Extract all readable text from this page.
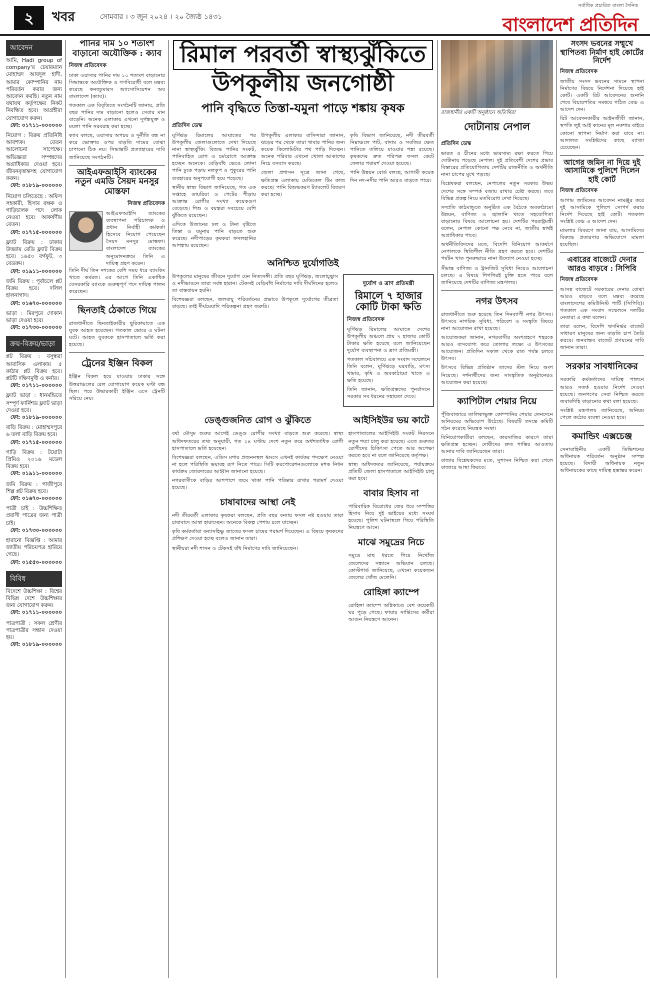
২	খবর	সোমবার । ৩ জুন ২০২৪ । ২০ জ্যৈষ্ঠ ১৪৩১
সর্বাধিক প্রচারিত বাংলা দৈনিক
বাংলাদেশ প্রতিদিন
আবেদন

আমি, Hadi group of company'র চেয়ারম্যান মোহাম্মদ আবদুল হাদী, আমার কোম্পানির নাম পরিবর্তন করার জন্য আবেদন করছি। নতুন নাম যথাযথ কর্তৃপক্ষের নিকট নিবন্ধিত হবে। আগ্রহীরা যোগাযোগ করুন।
ফো: ০১৭১১-০০০০০০

নিয়োগ : বিক্রয় প্রতিনিধি আবশ্যক। বেতন আলোচনা সাপেক্ষে। অভিজ্ঞতা সম্পন্নদের অগ্রাধিকার দেওয়া হবে। জীবনবৃত্তান্তসহ যোগাযোগ করুন।
ফো: ০১৮১৯-০০০০০০

নিয়োগ চলিতেছে : অফিস সহকারী, হিসাব রক্ষক ও গাড়িচালক পদে লোক নেওয়া হবে। আকর্ষণীয় বেতন।
ফো: ০১৭১৫-০০০০০০

ফ্ল্যাট বিক্রয় : ঢাকার উত্তরায় রেডি ফ্ল্যাট বিক্রয় হবে। ১৬৫০ বর্গফুট, ৩ বেডরুম।
ফো: ০১৯১১-০০০০০০

জমি বিক্রয় : পূর্বাচলে প্লট বিক্রয় হবে। দলিল হালনাগাদ।
ফো: ০১৬৭০-০০০০০০

ভাড়া : মিরপুরে দোকান ভাড়া দেওয়া হবে।
ফো: ০১৭৩০-০০০০০০

ক্রয়-বিক্রয়/ভাড়া

প্লট বিক্রয় : বসুন্ধরা আবাসিক এলাকায় ৫ কাঠার প্লট বিক্রয় হবে। প্লটটি দক্ষিণমুখী ও কর্নার।
ফো: ০১৭১১-০০০০০০

ফ্ল্যাট ভাড়া : ধানমন্ডিতে সম্পূর্ণ ফার্নিশড ফ্ল্যাট ভাড়া দেওয়া হবে।
ফো: ০১৮১৯-০০০০০০

বাড়ি বিক্রয় : মোহাম্মদপুরে ৬ তলা বাড়ি বিক্রয় হবে।
ফো: ০১৭১৫-০০০০০০

গাড়ি বিক্রয় : টয়োটা প্রিমিও ২০১৬ মডেল বিক্রয় হবে।
ফো: ০১৯১১-০০০০০০

জমি বিক্রয় : গাজীপুরে শিল্প প্লট বিক্রয় হবে।
ফো: ০১৬৭০-০০০০০০

পাত্রী চাই : উচ্চশিক্ষিত প্রবাসী পাত্রের জন্য পাত্রী চাই।
ফো: ০১৭৩০-০০০০০০

হারানো বিজ্ঞপ্তি : আমার জাতীয় পরিচয়পত্র হারিয়ে গেছে।
ফো: ০১৫৫০-০০০০০০

বিবিধ

বিদেশে উচ্চশিক্ষা : বিশ্বের বিভিন্ন দেশে উচ্চশিক্ষার জন্য যোগাযোগ করুন।
ফো: ০১৭১১-০০০০০০

পাত্রপাত্রী : সকল শ্রেণীর পাত্রপাত্রীর সন্ধান দেওয়া হয়।
ফো: ০১৮১৯-০০০০০০

পানির দাম ১০ শতাংশ বাড়ানো অযৌক্তিক : ক্যাব
নিজস্ব প্রতিবেদক

ঢাকা ওয়াসার পানির দাম ১০ শতাংশ বাড়ানোর সিদ্ধান্তকে অযৌক্তিক ও গণবিরোধী বলে মন্তব্য করেছে কনজ্যুমারস অ্যাসোসিয়েশন অব বাংলাদেশ (ক্যাব)।

গতকাল এক বিবৃতিতে সংগঠনটি জানায়, প্রতি বছর পানির দাম বাড়ানো হলেও সেবার মান বাড়েনি। অনেক এলাকায় এখনো দুর্গন্ধযুক্ত ও ময়লা পানি সরবরাহ করা হচ্ছে।

ক্যাব বলছে, ওয়াসার অপচয় ও দুর্নীতি বন্ধ না করে ভোক্তার ওপর বাড়তি দামের বোঝা চাপানো ঠিক নয়। সিদ্ধান্তটি প্রত্যাহারের দাবি জানিয়েছে সংগঠনটি।

আইএফআইসি ব্যাংকের নতুন এমডি সৈয়দ মনসুর মোস্তফা
নিজস্ব প্রতিবেদক
আইএফআইসি ব্যাংকের ব্যবস্থাপনা পরিচালক ও প্রধান নির্বাহী কর্মকর্তা হিসেবে নিয়োগ পেয়েছেন সৈয়দ মনসুর মোস্তফা। বাংলাদেশ ব্যাংকের অনুমোদনক্রমে তিনি এ দায়িত্ব গ্রহণ করেন।
তিনি দীর্ঘ তিন দশকের বেশি সময় ধরে ব্যাংকিং খাতে কর্মরত। এর আগে তিনি একাধিক বেসরকারি ব্যাংকে গুরুত্বপূর্ণ পদে দায়িত্ব পালন করেছেন।
ছিনতাই ঠেকাতে গিয়ে
রাজধানীতে ছিনতাইকারীর ছুরিকাঘাতে এক যুবক আহত হয়েছেন। গতকাল ভোরে এ ঘটনা ঘটে। আহত যুবককে হাসপাতালে ভর্তি করা হয়েছে।
ট্রেনের ইঞ্জিন বিকল
ইঞ্জিন বিকল হয়ে যাওয়ায় ঢাকার সঙ্গে উত্তরাঞ্চলের রেল যোগাযোগ কয়েক ঘণ্টা বন্ধ ছিল। পরে উদ্ধারকারী ইঞ্জিন এসে ট্রেনটি সরিয়ে নেয়।
রিমাল পরবর্তী স্বাস্থ্যঝুঁকিতে
উপকূলীয় জনগোষ্ঠী
পানি বৃদ্ধিতে তিস্তা-যমুনা পাড়ে শঙ্কায় কৃষক
প্রতিদিন ডেস্ক

ঘূর্ণিঝড় রিমালের আঘাতের পর উপকূলীয় জেলাগুলোতে দেখা দিয়েছে নানা স্বাস্থ্যঝুঁকি। বিশুদ্ধ পানির সংকট, পানিবাহিত রোগ ও চর্মরোগে আক্রান্ত হচ্ছেন অনেকে। বেড়িবাঁধ ভেঙে লোনা পানি ঢুকে পড়ায় নলকূপ ও পুকুরের পানি ব্যবহারের অনুপযোগী হয়ে পড়েছে।

স্থানীয় স্বাস্থ্য বিভাগ জানিয়েছে, গত এক সপ্তাহে ডায়রিয়া ও পেটের পীড়ায় আক্রান্ত রোগীর সংখ্যা কয়েকগুণ বেড়েছে। শিশু ও বয়স্করা সবচেয়ে বেশি ঝুঁকিতে রয়েছেন।

এদিকে উজানের ঢল ও টানা বৃষ্টিতে তিস্তা ও যমুনার পানি বাড়তে শুরু করেছে। নদীপাড়ের কৃষকরা ফসলহানির আশঙ্কায় রয়েছেন।

উপকূলীয় এলাকার বাসিন্দারা জানান, ঝড়ের পর থেকে তারা খাবার পানির জন্য কয়েক কিলোমিটার পথ পাড়ি দিচ্ছেন। অনেক পরিবার এখনো খোলা আকাশের নিচে বসবাস করছে।

জেলা প্রশাসন সূত্রে জানা গেছে, ক্ষতিগ্রস্ত এলাকায় মেডিকেল টিম কাজ করছে। পানি বিশুদ্ধকরণ ট্যাবলেট বিতরণ করা হচ্ছে।

কৃষি বিভাগ জানিয়েছে, নদী তীরবর্তী নিম্নাঞ্চলে পাট, বাদাম ও সবজির ক্ষেত পানিতে তলিয়ে যাওয়ার শঙ্কা রয়েছে। কৃষকদের দ্রুত পরিপক্ব ফসল কেটে ফেলার পরামর্শ দেওয়া হয়েছে।

পানি উন্নয়ন বোর্ড বলছে, আগামী কয়েক দিন নদ-নদীর পানি আরও বাড়তে পারে।

অনিশ্চিত দুর্যোগতিই

উপকূলের মানুষের জীবনে দুর্যোগ যেন নিত্যসঙ্গী। প্রতি বছর ঘূর্ণিঝড়, জলোচ্ছ্বাস ও নদীভাঙনে তারা সর্বস্ব হারান। টেকসই বেড়িবাঁধ নির্মাণের দাবি দীর্ঘদিনের হলেও তা বাস্তবায়ন হয়নি।

বিশেষজ্ঞরা বলছেন, জলবায়ু পরিবর্তনের প্রভাবে উপকূলে দুর্যোগের তীব্রতা বাড়ছে। তাই দীর্ঘমেয়াদি পরিকল্পনা গ্রহণ জরুরি।

দুর্যোগ ও ত্রাণ প্রতিমন্ত্রী
রিমালে ৭ হাজার কোটি টাকা ক্ষতি
নিজস্ব প্রতিবেদক

ঘূর্ণিঝড় রিমালের আঘাতে দেশের উপকূলীয় অঞ্চলে প্রায় ৭ হাজার কোটি টাকার ক্ষতি হয়েছে বলে জানিয়েছেন দুর্যোগ ব্যবস্থাপনা ও ত্রাণ প্রতিমন্ত্রী।

গতকাল সচিবালয়ে এক সংবাদ সম্মেলনে তিনি বলেন, ঘূর্ণিঝড়ে ঘরবাড়ি, মৎস্য খামার, কৃষি ও অবকাঠামো খাতে এ ক্ষতি হয়েছে।

তিনি জানান, ক্ষতিগ্রস্তদের পুনর্বাসনে সরকার সব ধরনের সহায়তা দেবে।

ডেঙ্গুজনিত রোগ ও ঝুঁকিতে

বর্ষা মৌসুম শুরুর আগেই ডেঙ্গু রোগীর সংখ্যা বাড়তে শুরু করেছে। স্বাস্থ্য অধিদফতরের তথ্য অনুযায়ী, গত ২৪ ঘণ্টায় দেশে নতুন করে অর্ধশতাধিক রোগী হাসপাতালে ভর্তি হয়েছেন।

বিশেষজ্ঞরা বলছেন, এডিস মশার প্রজননস্থল ধ্বংসে এখনই কার্যকর পদক্ষেপ নেওয়া না হলে পরিস্থিতি ভয়াবহ রূপ নিতে পারে। সিটি করপোরেশনগুলোকে মশক নিধন কার্যক্রম জোরদারের আহ্বান জানানো হয়েছে।

নগরবাসীকে বাড়ির আশপাশে জমে থাকা পানি পরিষ্কার রাখার পরামর্শ দেওয়া হয়েছে।

চাষাবাদের আস্থা নেই

নদী তীরবর্তী এলাকার কৃষকরা বলছেন, প্রতি বছর বন্যায় ফসল নষ্ট হওয়ায় তারা চাষাবাদে আস্থা হারাচ্ছেন। অনেকে বিকল্প পেশায় চলে যাচ্ছেন।

কৃষি কর্মকর্তারা বন্যাসহিষ্ণু জাতের ফসল চাষের পরামর্শ দিয়েছেন। এ বিষয়ে কৃষকদের প্রশিক্ষণ দেওয়া হচ্ছে বলেও জানান তারা।

স্থানীয়রা নদী শাসন ও টেকসই বাঁধ নির্মাণের দাবি জানিয়েছেন।

আইসিইউর ভয় কাটে

হাসপাতালের আইসিইউ সংকট নিরসনে নতুন শয্যা চালু করা হয়েছে। এতে গুরুতর রোগীদের চিকিৎসা পেতে আর অপেক্ষা করতে হবে না বলে জানিয়েছে কর্তৃপক্ষ।

স্বাস্থ্য অধিদফতর জানিয়েছে, পর্যায়ক্রমে প্রতিটি জেলা হাসপাতালে আইসিইউ চালু করা হবে।

বাবার হিসাব না
পারিবারিক বিরোধের জের ধরে সম্পত্তির হিসাব নিয়ে দুই ভাইয়ের মধ্যে সংঘর্ষ হয়েছে। পুলিশ ঘটনাস্থলে গিয়ে পরিস্থিতি নিয়ন্ত্রণে আনে।
মাঝে সমুদ্রের নিচে
সমুদ্রে মাছ ধরতে গিয়ে নিখোঁজ জেলেদের সন্ধানে অভিযান চলছে। কোস্টগার্ড জানিয়েছে, এখনো কয়েকজন জেলের খোঁজ মেলেনি।
রোহিঙ্গা ক্যাম্পে
রোহিঙ্গা ক্যাম্পে অগ্নিকাণ্ডে বেশ কয়েকটি ঘর পুড়ে গেছে। ফায়ার সার্ভিসের কর্মীরা আগুন নিয়ন্ত্রণে আনেন।
রাজধানীর একটি অনুষ্ঠানে অতিথিরা
দোটানায় নেপাল
প্রতিদিন ডেস্ক

ভারত ও চীনের মধ্যে ভারসাম্য রক্ষা করতে গিয়ে দোটানায় পড়েছে নেপাল। দুই প্রতিবেশী দেশের প্রভাব বিস্তারের প্রতিযোগিতায় দেশটির রাজনীতি ও অর্থনীতি নানা চাপের মুখে পড়ছে।

বিশ্লেষকরা বলছেন, নেপালের নতুন সরকার উভয় দেশের সঙ্গে সম্পর্ক বজায় রাখার চেষ্টা করছে। তবে বিভিন্ন প্রকল্প নিয়ে মতবিরোধ দেখা দিয়েছে।

সম্প্রতি কাঠমান্ডুতে অনুষ্ঠিত এক বৈঠকে অবকাঠামো উন্নয়ন, বাণিজ্য ও জ্বালানি খাতে সহযোগিতা বাড়ানোর বিষয়ে আলোচনা হয়। দেশটির পররাষ্ট্রমন্ত্রী বলেন, নেপাল কোনো পক্ষ নেবে না, জাতীয় স্বার্থই অগ্রাধিকার পাবে।

অর্থনীতিবিদদের মতে, বিদেশি বিনিয়োগ আকর্ষণে নেপালকে স্থিতিশীল নীতি গ্রহণ করতে হবে। দেশটির পর্যটন খাত পুনরুদ্ধারে নানা উদ্যোগ নেওয়া হচ্ছে।

সীমান্ত বাণিজ্য ও ট্রানজিট সুবিধা নিয়েও আলোচনা চলছে। এ বিষয়ে শিগগিরই চুক্তি হতে পারে বলে জানিয়েছে দেশটির বাণিজ্য মন্ত্রণালয়।

নগর উৎসব

রাজধানীতে শুরু হয়েছে তিন দিনব্যাপী নগর উৎসব। উৎসবে নাগরিক সুবিধা, পরিবেশ ও সংস্কৃতি বিষয়ে নানা আয়োজন রাখা হয়েছে।

আয়োজকরা জানান, নগরবাসীর অংশগ্রহণে শহরকে আরও বাসযোগ্য করে তোলার লক্ষ্যে এ উৎসবের আয়োজন। প্রতিদিন সকাল থেকে রাত পর্যন্ত চলবে উৎসব।

উৎসবে বিভিন্ন প্রতিষ্ঠান তাদের স্টল নিয়ে অংশ নিয়েছে। দর্শনার্থীদের জন্য সাংস্কৃতিক অনুষ্ঠানেরও আয়োজন করা হয়েছে।

ক্যাপিটাল শেয়ার নিয়ে

পুঁজিবাজারে তালিকাভুক্ত কোম্পানির শেয়ার লেনদেনে অনিয়মের অভিযোগ উঠেছে। বিষয়টি তদন্তে কমিটি গঠন করেছে নিয়ন্ত্রক সংস্থা।

বিনিয়োগকারীরা বলছেন, কারসাজির কারণে তারা ক্ষতিগ্রস্ত হচ্ছেন। দোষীদের দ্রুত শাস্তির আওতায় আনার দাবি জানিয়েছেন তারা।

বাজার বিশ্লেষকদের মতে, সুশাসন নিশ্চিত করা গেলে বাজারে আস্থা ফিরবে।

সংসদ ভবনের সম্মুখে স্থাপিতব্য নির্মাণ হাই কোর্টের নির্দেশ
নিজস্ব প্রতিবেদক

জাতীয় সংসদ ভবনের সামনে স্থাপনা নির্মাণের বিষয়ে নির্দেশনা দিয়েছে হাই কোর্ট। একটি রিট আবেদনের শুনানি শেষে বিচারপতির সমন্বয়ে গঠিত বেঞ্চ এ আদেশ দেন।

রিট আবেদনকারীর আইনজীবী জানান, স্থপতি লুই আই কানের মূল নকশার বাইরে কোনো স্থাপনা নির্মাণ করা যাবে না। আদালত সংশ্লিষ্টদের কাছে ব্যাখ্যা চেয়েছেন।

আগের জমিন না দিয়ে দুই আসামিকে পুলিশে দিলেন হাই কোর্ট
নিজস্ব প্রতিবেদক

আগাম জামিনের আবেদন নামঞ্জুর করে দুই আসামিকে পুলিশে সোপর্দ করার নির্দেশ দিয়েছে হাই কোর্ট। গতকাল সংশ্লিষ্ট বেঞ্চ এ আদেশ দেন।

মামলার বিবরণে জানা যায়, আসামিদের বিরুদ্ধে প্রতারণার অভিযোগে মামলা হয়েছিল।

এবারের বাজেটে দেনার আরও বাড়বে : সিপিবি
নিজস্ব প্রতিবেদক

আসন্ন বাজেটে সরকারের দেনার বোঝা আরও বাড়বে বলে মন্তব্য করেছে বাংলাদেশের কমিউনিস্ট পার্টি (সিপিবি)। গতকাল এক সংবাদ সম্মেলনে দলটির নেতারা এ কথা বলেন।

তারা বলেন, বিদেশি ঋণনির্ভর বাজেট সাধারণ মানুষের জন্য বাড়তি চাপ তৈরি করবে। জনবান্ধব বাজেট প্রণয়নের দাবি জানান তারা।

সরকার সাবধানিকের

সরকারি কর্মকর্তাদের দায়িত্ব পালনে আরও সতর্ক হওয়ার নির্দেশ দেওয়া হয়েছে। জনগণের সেবা নিশ্চিত করতে জবাবদিহি বাড়ানোর কথা বলা হয়েছে।

সংশ্লিষ্ট মন্ত্রণালয় জানিয়েছে, অনিয়ম পেলে কঠোর ব্যবস্থা নেওয়া হবে।

কমান্ডিং এক্সচেঞ্জ
সেনাবাহিনীর একটি ডিভিশনের অধিনায়ক পরিবর্তন অনুষ্ঠান সম্পন্ন হয়েছে। বিদায়ী অধিনায়ক নতুন অধিনায়কের কাছে দায়িত্ব হস্তান্তর করেন।
